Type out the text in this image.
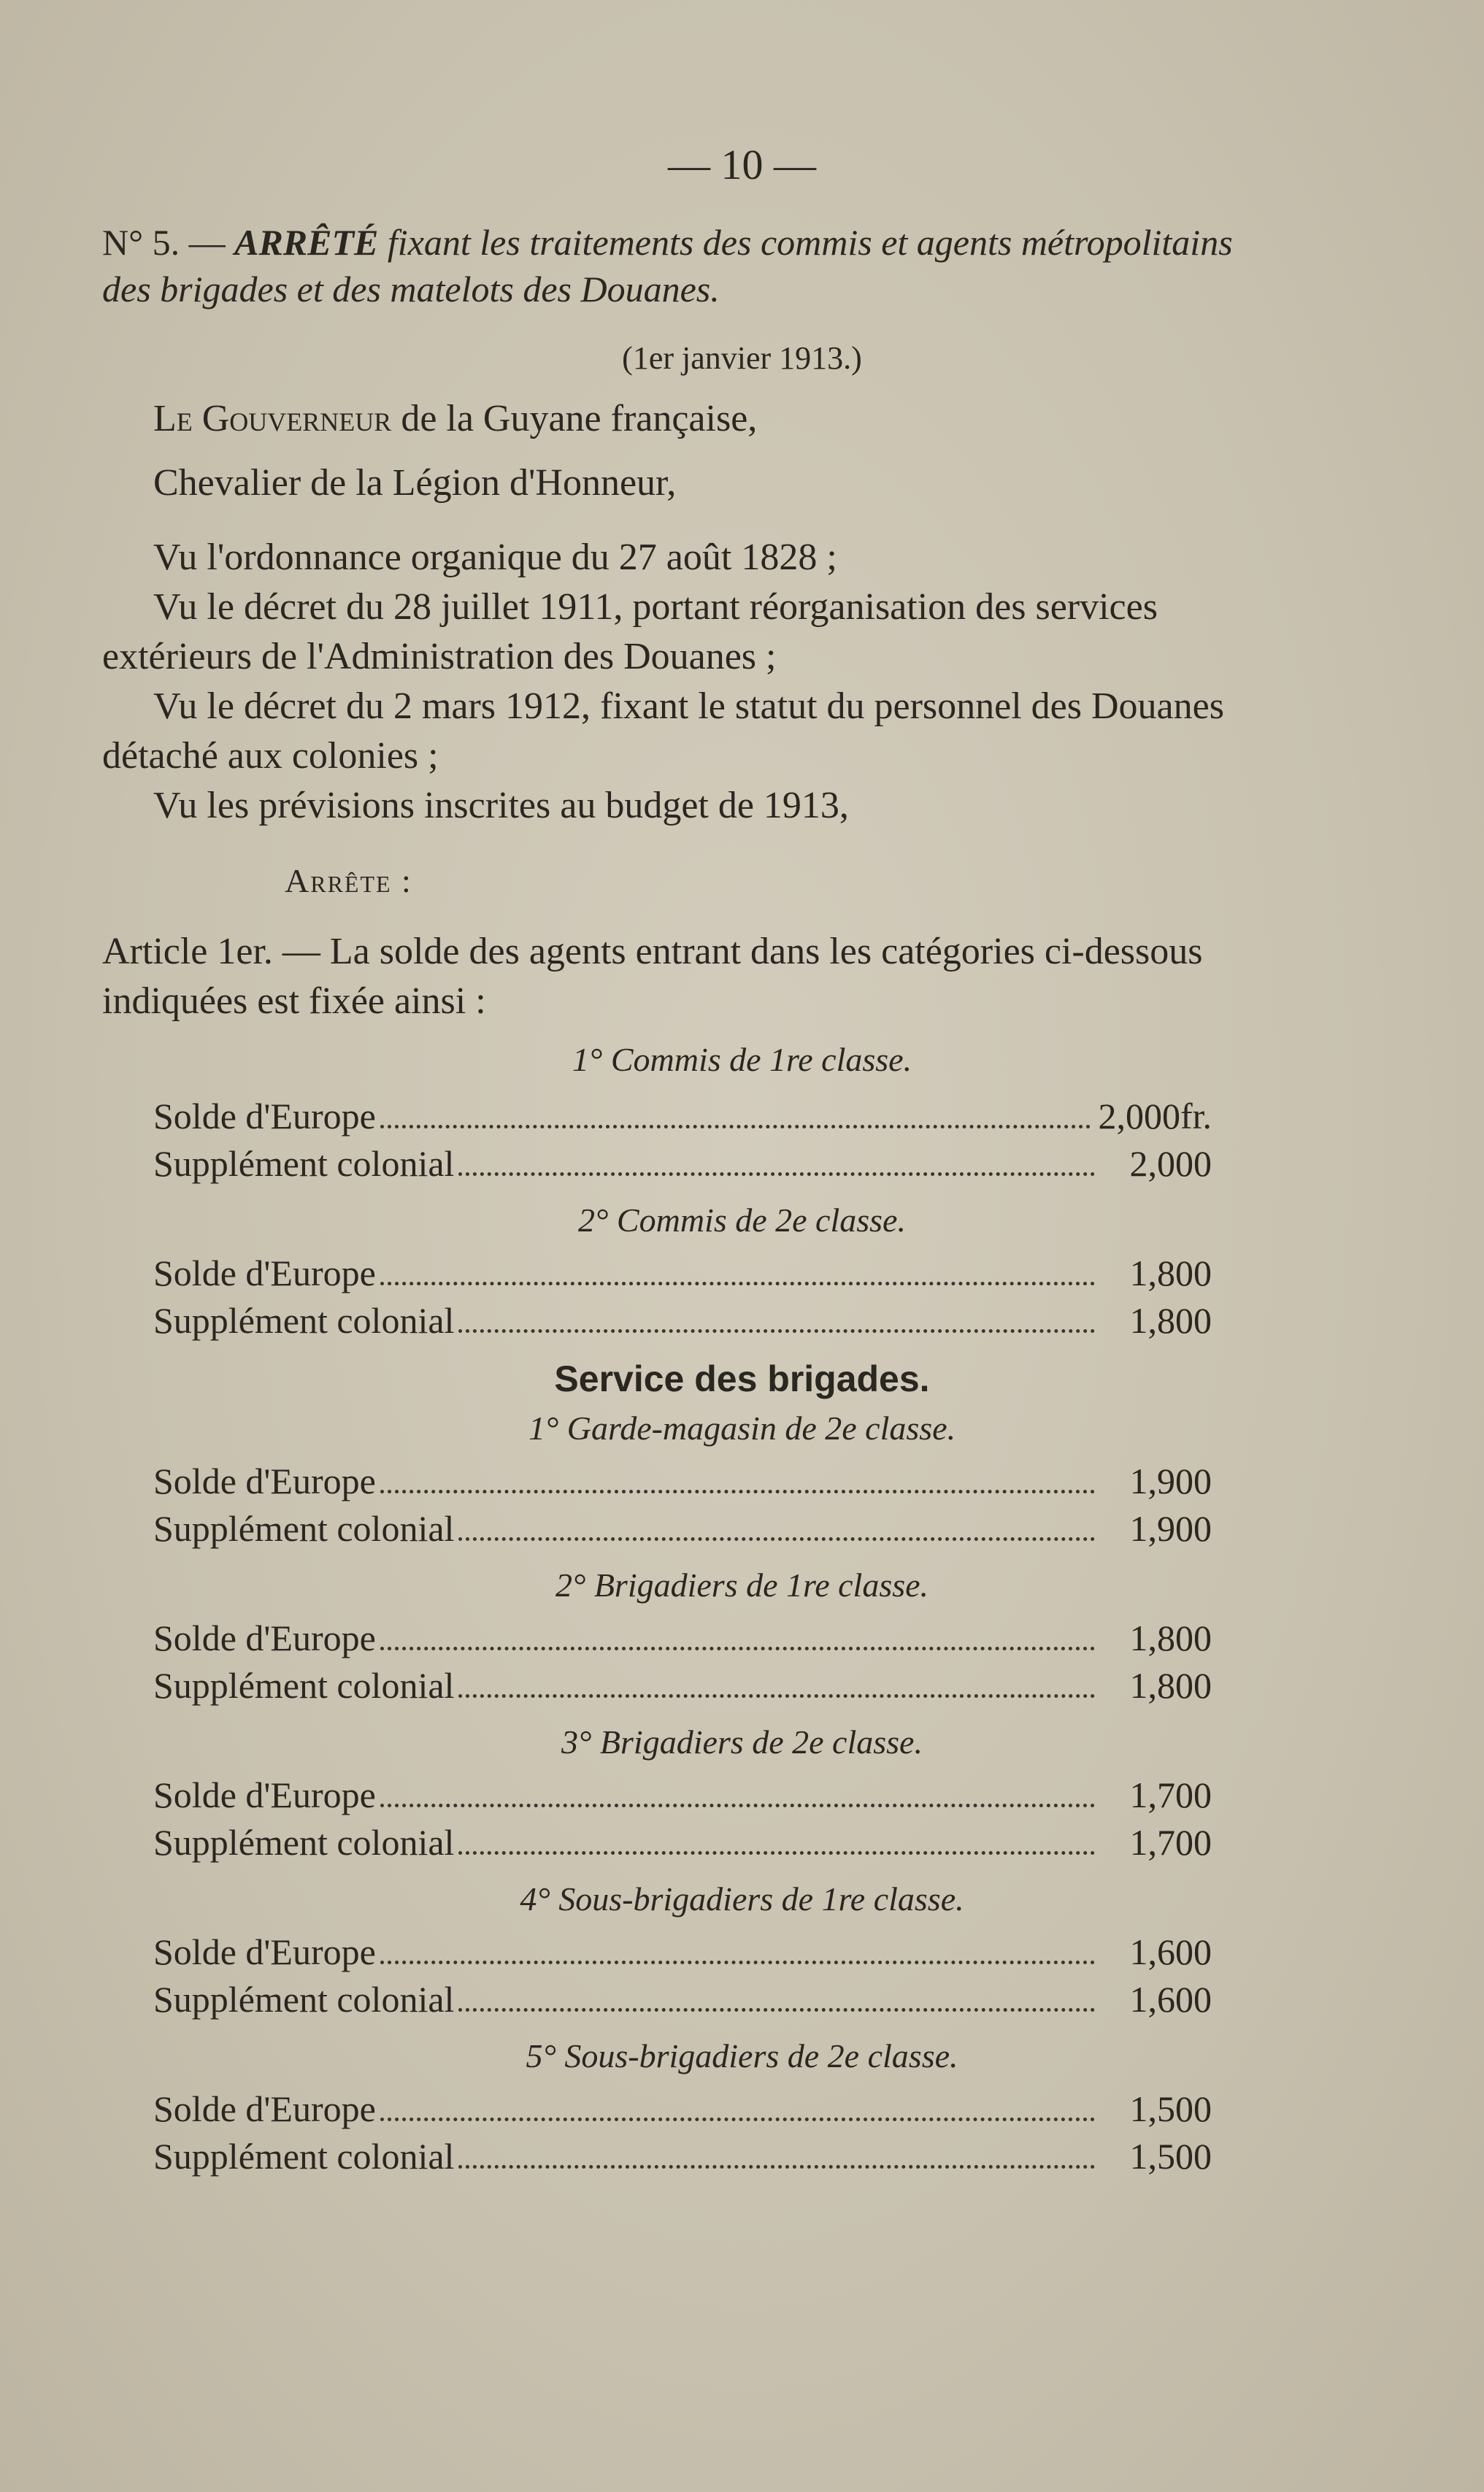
— 10 —
N° 5. — ARRÊTÉ fixant les traitements des commis et agents métropolitains des brigades et des matelots des Douanes.
(1er janvier 1913.)
Le Gouverneur de la Guyane française,
Chevalier de la Légion d'Honneur,
Vu l'ordonnance organique du 27 août 1828 ;
Vu le décret du 28 juillet 1911, portant réorganisation des services extérieurs de l'Administration des Douanes ;
Vu le décret du 2 mars 1912, fixant le statut du personnel des Douanes détaché aux colonies ;
Vu les prévisions inscrites au budget de 1913,
Arrête :
Article 1er. — La solde des agents entrant dans les catégories ci-dessous indiquées est fixée ainsi :
1° Commis de 1re classe.
Solde d'Europe	2,000fr.
Supplément colonial	2,000
2° Commis de 2e classe.
Solde d'Europe	1,800
Supplément colonial	1,800
Service des brigades.
1° Garde-magasin de 2e classe.
Solde d'Europe	1,900
Supplément colonial	1,900
2° Brigadiers de 1re classe.
Solde d'Europe	1,800
Supplément colonial	1,800
3° Brigadiers de 2e classe.
Solde d'Europe	1,700
Supplément colonial	1,700
4° Sous-brigadiers de 1re classe.
Solde d'Europe	1,600
Supplément colonial	1,600
5° Sous-brigadiers de 2e classe.
Solde d'Europe	1,500
Supplément colonial	1,500
